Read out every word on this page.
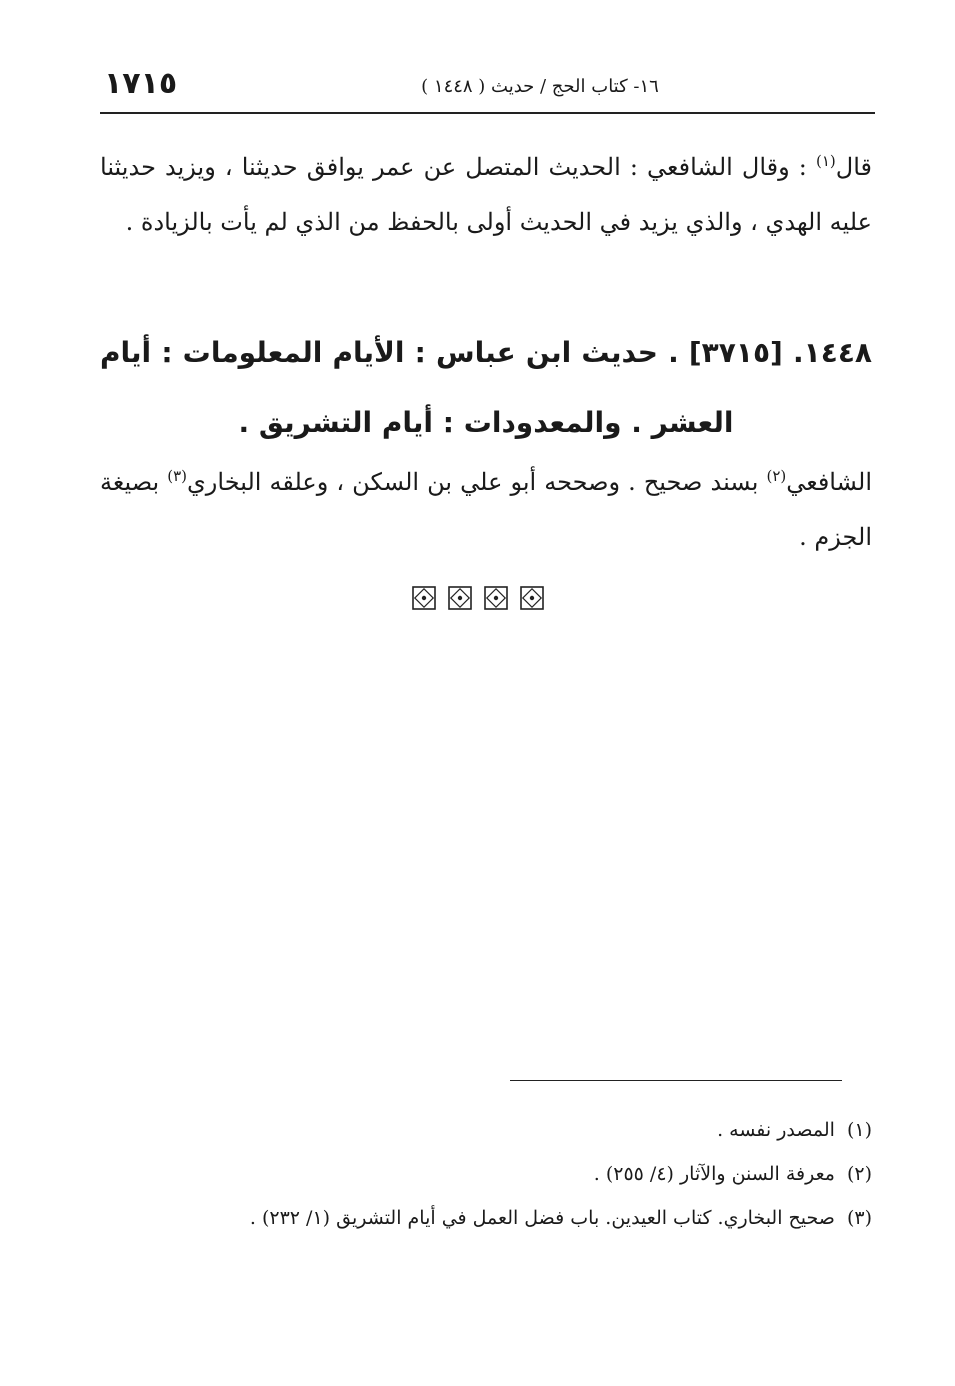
١٧١٥	١٦- كتاب الحج / حديث ( ١٤٤٨ )
قال$^{(١)}$ : وقال الشافعي : الحديث المتصل عن عمر يوافق حديثنا ، ويزيد حديثنا عليه الهدي ، والذي يزيد في الحديث أولى بالحفظ من الذي لم يأت بالزيادة .
١٤٤٨. [٣٧١٥] . حديث ابن عباس : الأيام المعلومات : أيام العشر . والمعدودات : أيام التشريق .
الشافعي$^{(٢)}$ بسند صحيح . وصححه أبو علي بن السكن ، وعلقه البخاري$^{(٣)}$ بصيغة الجزم .
(١)المصدر نفسه .
(٢)معرفة السنن والآثار (٤/ ٢٥٥) .
(٣)صحيح البخاري. كتاب العيدين. باب فضل العمل في أيام التشريق (١/ ٢٣٢) .
